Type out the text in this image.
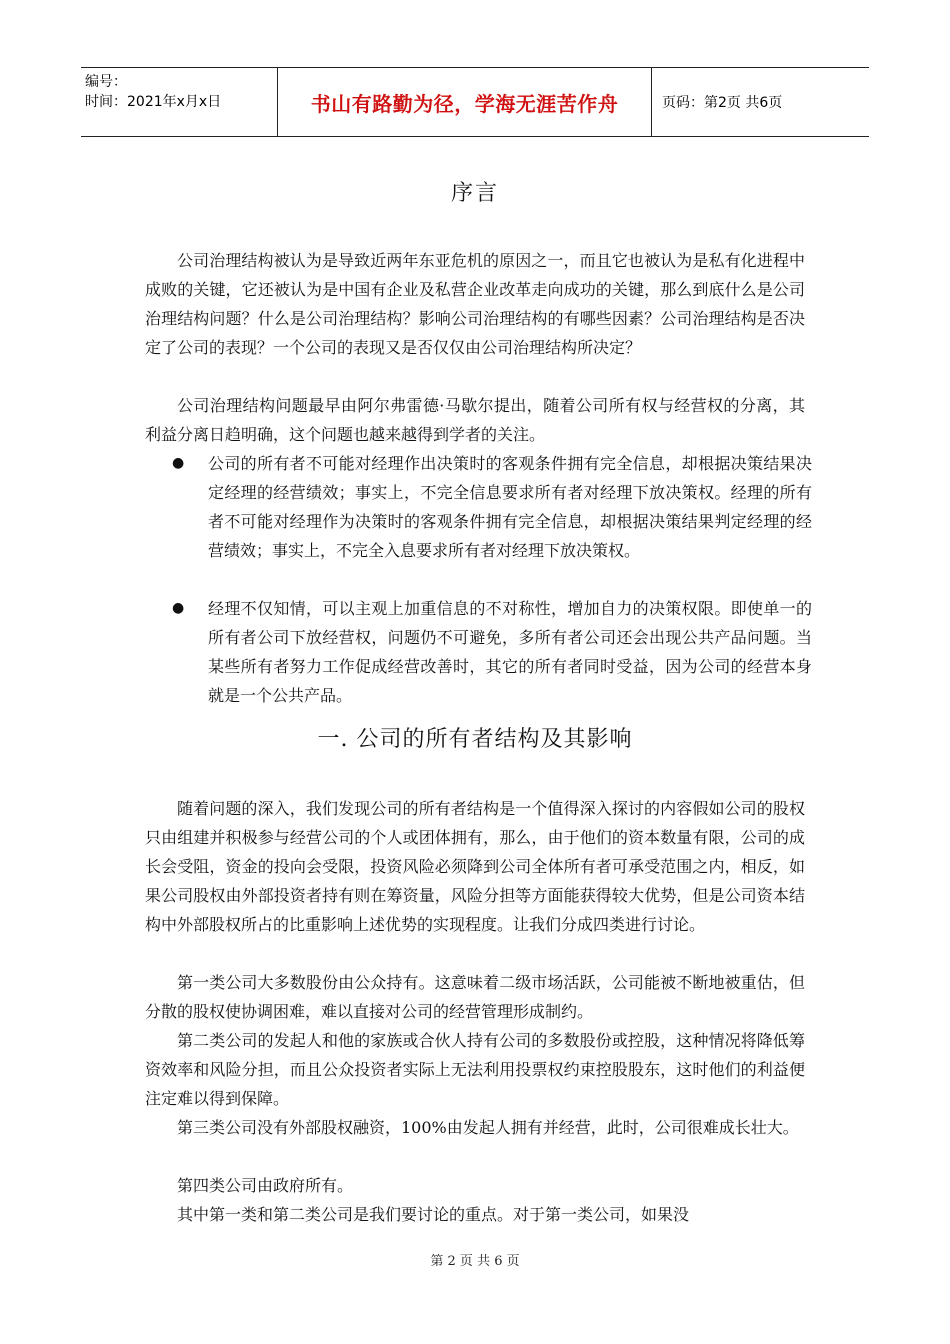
编号：
时间：2021年x月x日	书山有路勤为径，学海无涯苦作舟	页码：第2页 共6页
序言

公司治理结构被认为是导致近两年东亚危机的原因之一，而且它也被认为是私有化进程中成败的关键，它还被认为是中国有企业及私营企业改革走向成功的关键，那么到底什么是公司治理结构问题？什么是公司治理结构？影响公司治理结构的有哪些因素？公司治理结构是否决定了公司的表现？一个公司的表现又是否仅仅由公司治理结构所决定？

公司治理结构问题最早由阿尔弗雷德·马歇尔提出，随着公司所有权与经营权的分离，其利益分离日趋明确，这个问题也越来越得到学者的关注。

●	公司的所有者不可能对经理作出决策时的客观条件拥有完全信息，却根据决策结果决定经理的经营绩效；事实上，不完全信息要求所有者对经理下放决策权。经理的所有者不可能对经理作为决策时的客观条件拥有完全信息，却根据决策结果判定经理的经营绩效；事实上，不完全入息要求所有者对经理下放决策权。

●	经理不仅知情，可以主观上加重信息的不对称性，增加自力的决策权限。即使单一的所有者公司下放经营权，问题仍不可避免，多所有者公司还会出现公共产品问题。当某些所有者努力工作促成经营改善时，其它的所有者同时受益，因为公司的经营本身就是一个公共产品。

一. 公司的所有者结构及其影响

随着问题的深入，我们发现公司的所有者结构是一个值得深入探讨的内容假如公司的股权只由组建并积极参与经营公司的个人或团体拥有，那么，由于他们的资本数量有限，公司的成长会受阻，资金的投向会受限，投资风险必须降到公司全体所有者可承受范围之内，相反，如果公司股权由外部投资者持有则在筹资量，风险分担等方面能获得较大优势，但是公司资本结构中外部股权所占的比重影响上述优势的实现程度。让我们分成四类进行讨论。

第一类公司大多数股份由公众持有。这意味着二级市场活跃，公司能被不断地被重估，但分散的股权使协调困难，难以直接对公司的经营管理形成制约。

第二类公司的发起人和他的家族或合伙人持有公司的多数股份或控股，这种情况将降低筹资效率和风险分担，而且公众投资者实际上无法利用投票权约束控股股东，这时他们的利益便注定难以得到保障。

第三类公司没有外部股权融资，100%由发起人拥有并经营，此时，公司很难成长壮大。

第四类公司由政府所有。

其中第一类和第二类公司是我们要讨论的重点。对于第一类公司，如果没

第 2 页 共 6 页
